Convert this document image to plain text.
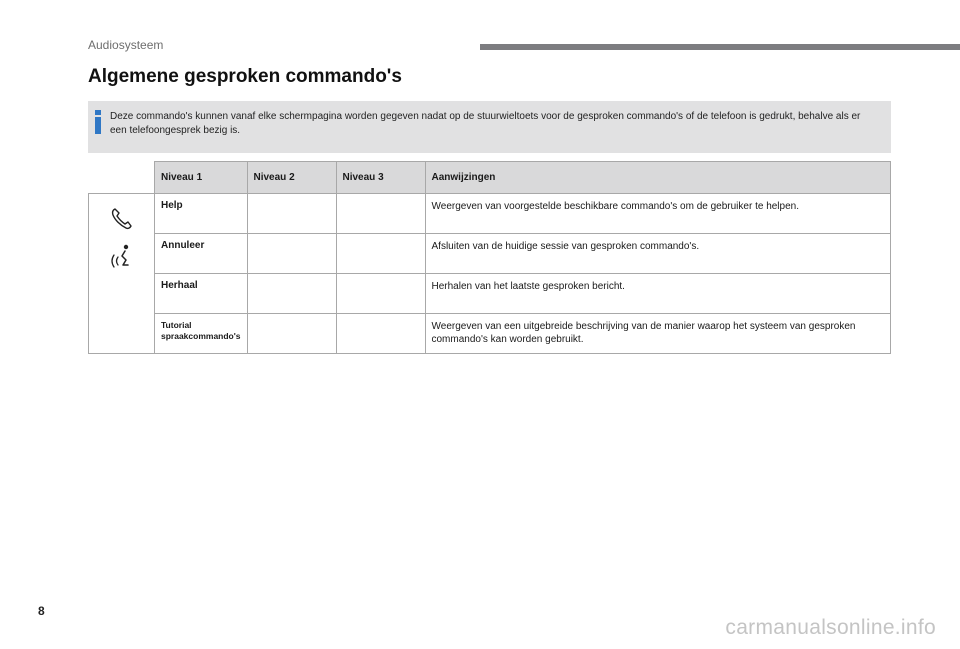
Audiosysteem
Algemene gesproken commando's
Deze commando's kunnen vanaf elke schermpagina worden gegeven nadat op de stuurwieltoets voor de gesproken commando's of de telefoon is gedrukt, behalve als er een telefoongesprek bezig is.
	Niveau 1	Niveau 2	Niveau 3	Aanwijzingen

	Help			Weergeven van voorgestelde beschikbare commando's om de gebruiker te helpen.
	Annuleer			Afsluiten van de huidige sessie van gesproken commando's.
	Herhaal			Herhalen van het laatste gesproken bericht.
	Tutorial spraakcommando's			Weergeven van een uitgebreide beschrijving van de manier waarop het systeem van gesproken commando's kan worden gebruikt.
8
carmanualsonline.info
